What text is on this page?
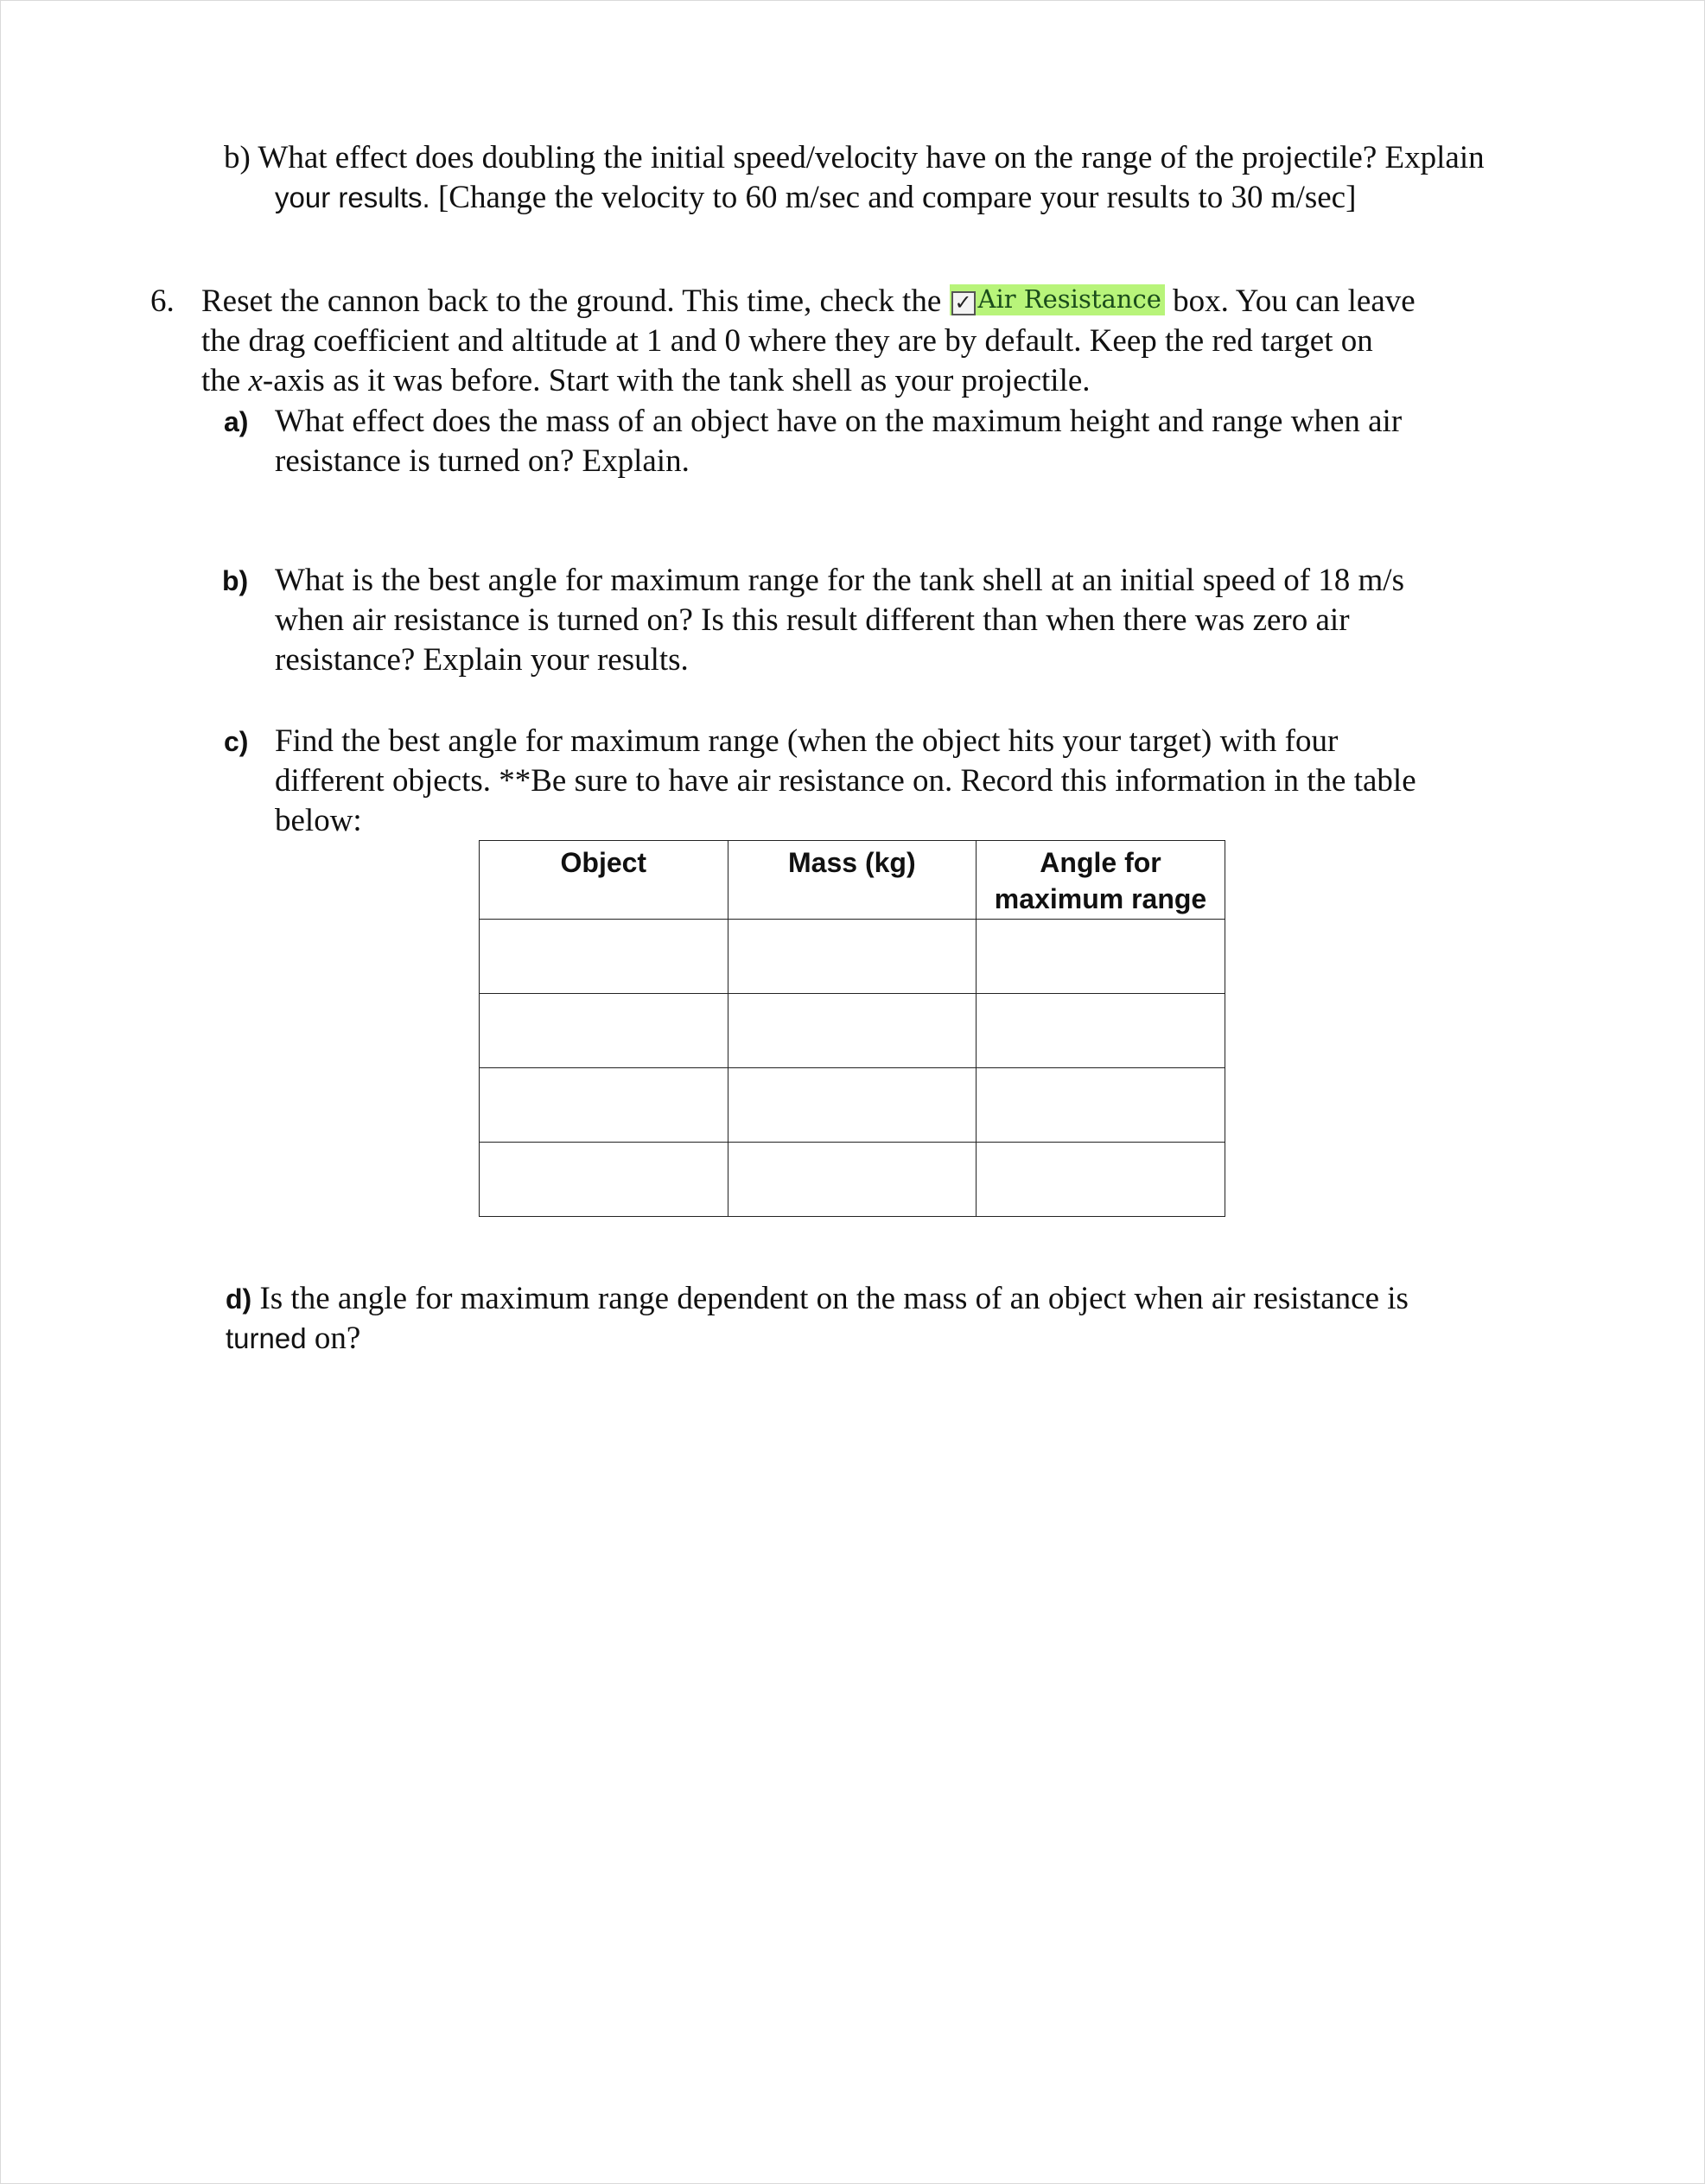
b) What effect does doubling the initial speed/velocity have on the range of the projectile? Explain
your results. [Change the velocity to 60 m/sec and compare your results to 30 m/sec]
6. Reset the cannon back to the ground. This time, check the ✓ Air Resistance box. You can leave
the drag coefficient and altitude at 1 and 0 where they are by default. Keep the red target on
the x-axis as it was before. Start with the tank shell as your projectile.
a) What effect does the mass of an object have on the maximum height and range when air
resistance is turned on? Explain.
b) What is the best angle for maximum range for the tank shell at an initial speed of 18 m/s
when air resistance is turned on? Is this result different than when there was zero air
resistance? Explain your results.
c) Find the best angle for maximum range (when the object hits your target) with four
different objects. **Be sure to have air resistance on. Record this information in the table
below:
Object	Mass (kg)	Angle for maximum range

d) Is the angle for maximum range dependent on the mass of an object when air resistance is
turned on?
